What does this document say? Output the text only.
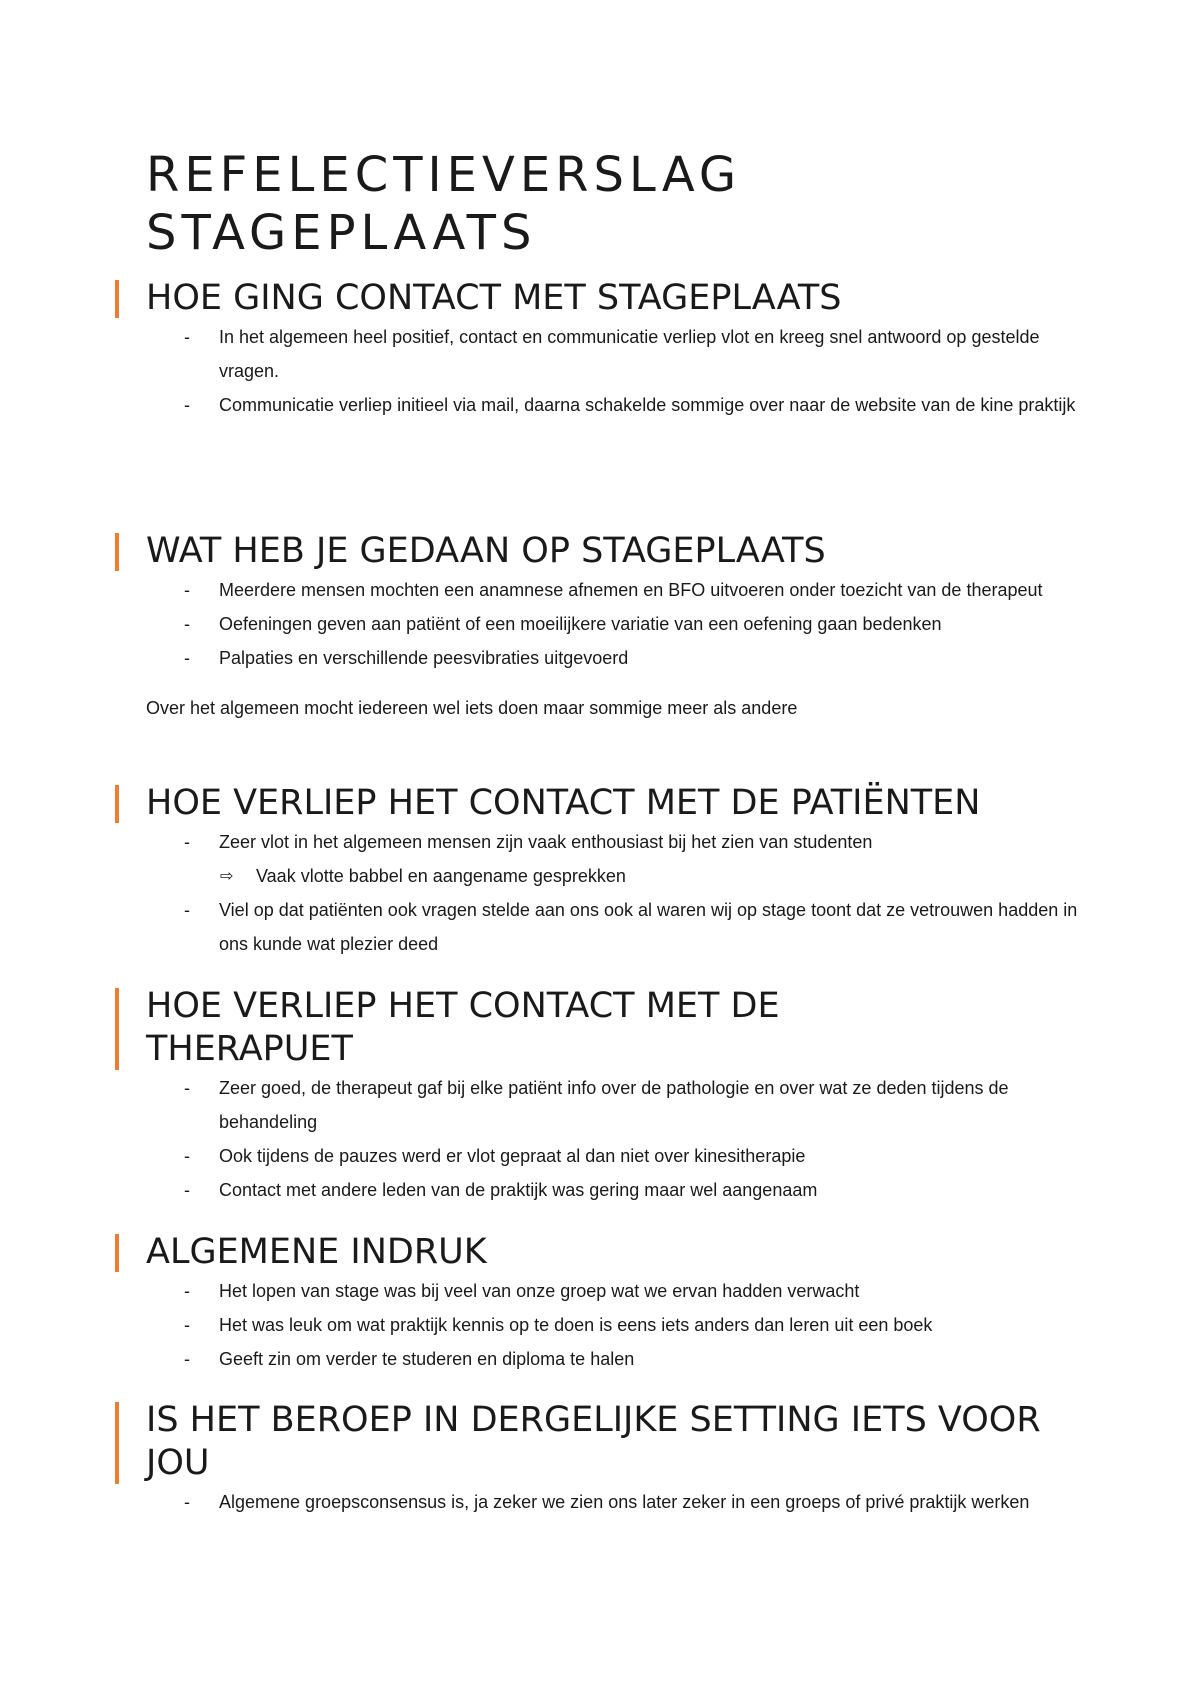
REFELECTIEVERSLAG STAGEPLAATS
HOE GING CONTACT MET STAGEPLAATS
- In het algemeen heel positief, contact en communicatie verliep vlot en kreeg snel antwoord op gestelde vragen.
- Communicatie verliep initieel via mail, daarna schakelde sommige over naar de website van de kine praktijk
WAT HEB JE GEDAAN OP STAGEPLAATS
- Meerdere mensen mochten een anamnese afnemen en BFO uitvoeren onder toezicht van de therapeut
- Oefeningen geven aan patiënt of een moeilijkere variatie van een oefening gaan bedenken
- Palpaties en verschillende peesvibraties uitgevoerd

Over het algemeen mocht iedereen wel iets doen maar sommige meer als andere

HOE VERLIEP HET CONTACT MET DE PATIËNTEN
- Zeer vlot in het algemeen mensen zijn vaak enthousiast bij het zien van studenten
⇨ Vaak vlotte babbel en aangename gesprekken
- Viel op dat patiënten ook vragen stelde aan ons ook al waren wij op stage toont dat ze vetrouwen hadden in ons kunde wat plezier deed
HOE VERLIEP HET CONTACT MET DE THERAPUET
- Zeer goed, de therapeut gaf bij elke patiënt info over de pathologie en over wat ze deden tijdens de behandeling
- Ook tijdens de pauzes werd er vlot gepraat al dan niet over kinesitherapie
- Contact met andere leden van de praktijk was gering maar wel aangenaam
ALGEMENE INDRUK
- Het lopen van stage was bij veel van onze groep wat we ervan hadden verwacht
- Het was leuk om wat praktijk kennis op te doen is eens iets anders dan leren uit een boek
- Geeft zin om verder te studeren en diploma te halen
IS HET BEROEP IN DERGELIJKE SETTING IETS VOOR JOU
- Algemene groepsconsensus is, ja zeker we zien ons later zeker in een groeps of privé praktijk werken
